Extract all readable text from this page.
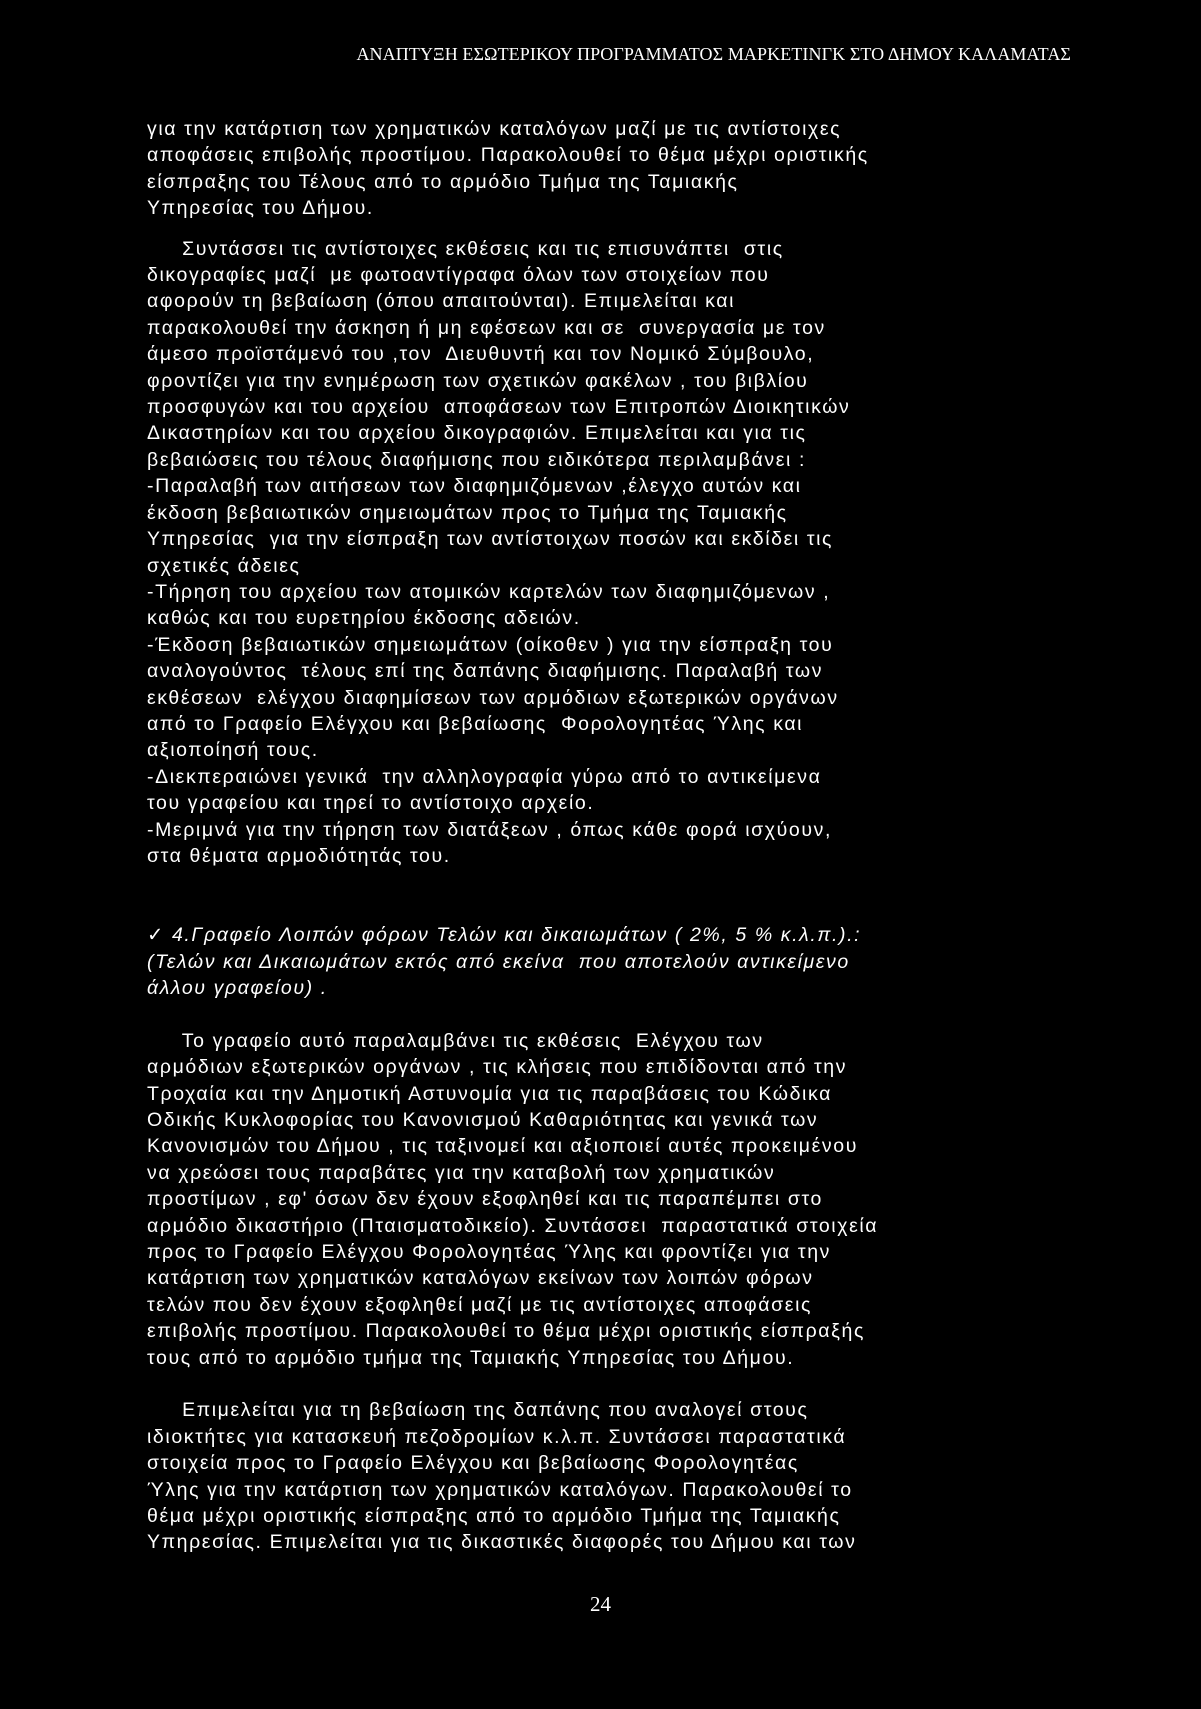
ΑΝΑΠΤΥΞΗ ΕΣΩΤΕΡΙΚΟΥ ΠΡΟΓΡΑΜΜΑΤΟΣ ΜΑΡΚΕΤΙΝΓΚ ΣΤΟ ΔΗΜΟΥ ΚΑΛΑΜΑΤΑΣ
για την κατάρτιση των χρηματικών καταλόγων μαζί με τις αντίστοιχες
αποφάσεις επιβολής προστίμου. Παρακολουθεί το θέμα μέχρι οριστικής
είσπραξης του Τέλους από το αρμόδιο Τμήμα της Ταμιακής
Υπηρεσίας του Δήμου.
Συντάσσει τις αντίστοιχες εκθέσεις και τις επισυνάπτει  στις
δικογραφίες μαζί  με φωτοαντίγραφα όλων των στοιχείων που
αφορούν τη βεβαίωση (όπου απαιτούνται). Επιμελείται και
παρακολουθεί την άσκηση ή μη εφέσεων και σε  συνεργασία με τον
άμεσο προϊστάμενό του ,τον  Διευθυντή και τον Νομικό Σύμβουλο,
φροντίζει για την ενημέρωση των σχετικών φακέλων , του βιβλίου
προσφυγών και του αρχείου  αποφάσεων των Επιτροπών Διοικητικών
Δικαστηρίων και του αρχείου δικογραφιών. Επιμελείται και για τις
βεβαιώσεις του τέλους διαφήμισης που ειδικότερα περιλαμβάνει :
-Παραλαβή των αιτήσεων των διαφημιζόμενων ,έλεγχο αυτών και
έκδοση βεβαιωτικών σημειωμάτων προς το Τμήμα της Ταμιακής
Υπηρεσίας  για την είσπραξη των αντίστοιχων ποσών και εκδίδει τις
σχετικές άδειες
-Τήρηση του αρχείου των ατομικών καρτελών των διαφημιζόμενων ,
καθώς και του ευρετηρίου έκδοσης αδειών.
-Έκδοση βεβαιωτικών σημειωμάτων (οίκοθεν ) για την είσπραξη του
αναλογούντος  τέλους επί της δαπάνης διαφήμισης. Παραλαβή των
εκθέσεων  ελέγχου διαφημίσεων των αρμόδιων εξωτερικών οργάνων
από το Γραφείο Ελέγχου και βεβαίωσης  Φορολογητέας Ύλης και
αξιοποίησή τους.
-Διεκπεραιώνει γενικά  την αλληλογραφία γύρω από το αντικείμενα
του γραφείου και τηρεί το αντίστοιχο αρχείο.
-Μεριμνά για την τήρηση των διατάξεων , όπως κάθε φορά ισχύουν,
στα θέματα αρμοδιότητάς του.
✓ 4.Γραφείο Λοιπών φόρων Τελών και δικαιωμάτων ( 2%, 5 % κ.λ.π.).:
(Τελών και Δικαιωμάτων εκτός από εκείνα  που αποτελούν αντικείμενο
άλλου γραφείου) .
Το γραφείο αυτό παραλαμβάνει τις εκθέσεις  Ελέγχου των
αρμόδιων εξωτερικών οργάνων , τις κλήσεις που επιδίδονται από την
Τροχαία και την Δημοτική Αστυνομία για τις παραβάσεις του Κώδικα
Οδικής Κυκλοφορίας του Κανονισμού Καθαριότητας και γενικά των
Κανονισμών του Δήμου , τις ταξινομεί και αξιοποιεί αυτές προκειμένου
να χρεώσει τους παραβάτες για την καταβολή των χρηματικών
προστίμων , εφ' όσων δεν έχουν εξοφληθεί και τις παραπέμπει στο
αρμόδιο δικαστήριο (Πταισματοδικείο). Συντάσσει  παραστατικά στοιχεία
προς το Γραφείο Ελέγχου Φορολογητέας Ύλης και φροντίζει για την
κατάρτιση των χρηματικών καταλόγων εκείνων των λοιπών φόρων
τελών που δεν έχουν εξοφληθεί μαζί με τις αντίστοιχες αποφάσεις
επιβολής προστίμου. Παρακολουθεί το θέμα μέχρι οριστικής είσπραξής
τους από το αρμόδιο τμήμα της Ταμιακής Υπηρεσίας του Δήμου.
Επιμελείται για τη βεβαίωση της δαπάνης που αναλογεί στους
ιδιοκτήτες για κατασκευή πεζοδρομίων κ.λ.π. Συντάσσει παραστατικά
στοιχεία προς το Γραφείο Ελέγχου και βεβαίωσης Φορολογητέας
Ύλης για την κατάρτιση των χρηματικών καταλόγων. Παρακολουθεί το
θέμα μέχρι οριστικής είσπραξης από το αρμόδιο Τμήμα της Ταμιακής
Υπηρεσίας. Επιμελείται για τις δικαστικές διαφορές του Δήμου και των
24
